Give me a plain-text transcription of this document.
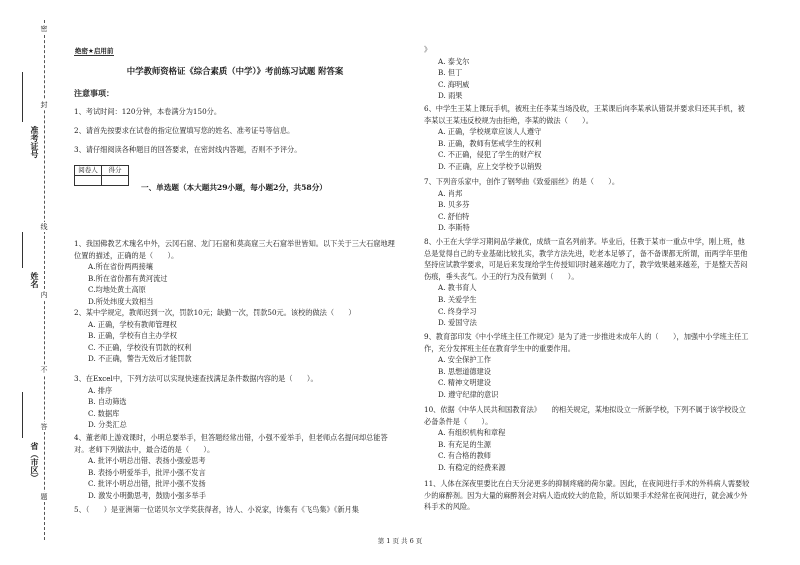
密
封
线
内
不
答
题
准考证号
姓名
省（市区）
绝密★启用前
中学教师资格证《综合素质（中学）》考前练习试题 附答案
注意事项：
1、考试时间：120分钟，本卷满分为150分。
2、请首先按要求在试卷的指定位置填写您的姓名、准考证号等信息。
3、请仔细阅读各种题目的回答要求，在密封线内答题，否则不予评分。
阅卷人	得分

一、单选题（本大题共29小题，每小题2分，共58分）
1、我国佛教艺术瑰名中外，云冈石窟、龙门石窟和莫高窟三大石窟举世皆知。以下关于三大石窟地理位置的描述，正确的是（　　）。
A.所在省份两两接壤
B.所在省份都有黄河流过
C.均地处黄土高原
D.所处纬度大致相当
2、某中学规定，教师迟到一次，罚款10元；缺勤一次，罚款50元。该校的做法（　　）
A. 正确，学校有教师管理权
B. 正确，学校有自主办学权
C. 不正确，学校没有罚款的权利
D. 不正确，警告无效后才能罚款
3、在Excel中，下列方法可以实现快速查找满足条件数据内容的是（　　）。
A. 排序
B. 自动筛选
C. 数据库
D. 分类汇总
4、董老师上游戏课时，小明总要举手，但答题经常出错，小强不爱举手，但老师点名提问却总能答对。老师下列做法中，最合适的是（　　）。
A. 批评小明总出错、表扬小强爱思考
B. 表扬小明爱举手，批评小强不发言
C. 批评小明总出错，批评小强不发扬
D. 激发小明勤思考，鼓励小强多举手
5、（　　）是亚洲第一位诺贝尔文学奖获得者，诗人、小说家，诗集有《飞鸟集》《新月集
》
A. 泰戈尔
B. 但丁
C. 海明威
D. 雨果
6、中学生王某上课玩手机，被班主任李某当场没收，王某课后向李某承认错误并要求归还其手机，被李某以王某违反校规为由拒绝，李某的做法（　　）。
A. 正确，学校规章应该人人遵守
B. 正确，教师有惩戒学生的权利
C. 不正确，侵犯了学生的财产权
D. 不正确，应上交学校予以销毁
7、下列音乐家中，创作了钢琴曲《致爱丽丝》的是（　　）。
A. 肖邦
B. 贝多芬
C. 舒伯特
D. 李斯特
8、小王在大学学习期间品学兼优，成绩一直名列前茅。毕业后，任教于某市一重点中学，刚上班，他总是觉得自己的专业基础比较扎实，教学方法先进，吃老本足够了，备不备课都无所谓，而两学年里他坚持应试教学要求，可是后来发现给学生传授知识时越来越吃力了，教学效果越来越差，于是整天苦闷伤痕，垂头丧气。小王的行为没有做到（　　）。
A. 教书育人
B. 关爱学生
C. 终身学习
D. 爱国守法
9、教育部印发《中小学班主任工作规定》是为了进一步推进未成年人的（　　），加强中小学班主任工作，充分发挥班主任在教育学生中的重要作用。
A. 安全保护工作
B. 思想道德建设
C. 精神文明建设
D. 遵守纪律的意识
10、依据《中华人民共和国教育法》　　的相关规定，某地拟设立一所新学校，下列不属于该学校设立必备条件是（　　）。
A. 有组织机构和章程
B. 有充足的生源
C. 有合格的教师
D. 有稳定的经费来源
11、人体在深夜里要比在白天分泌更多的抑制疼痛的荷尔蒙。因此，在夜间进行手术的外科病人需要较少的麻醉剂。因为大量的麻醉剂会对病人造成较大的危险，所以如果手术经常在夜间进行，就会减少外科手术的风险。
第 1 页 共 6 页
